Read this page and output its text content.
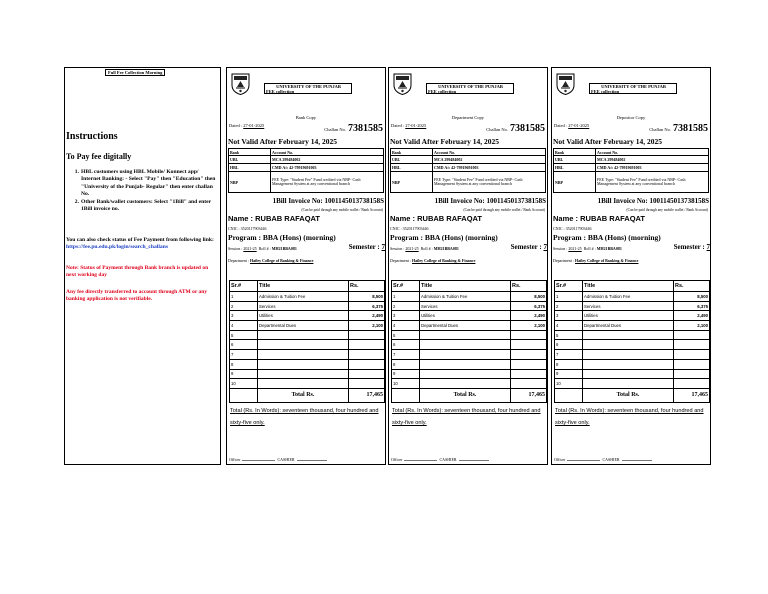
Full Fee Collection Morning
Instructions
To Pay fee digitally
1. HBL customers using HBL Mobile/ Konnect app/ Internet Banking: - Select "Pay" then "Education" then "University of the Punjab- Regular" then enter challan No.
2. Other Bank/wallet customers: Select "1Bill" and enter 1Bill invoice no.
You can also check status of Fee Payment from following link: https://fee.pu.edu.pk/login/search_challans
Note: Status of Payment through Bank branch is updated on next working day
Any fee directly transferred to account through ATM or any banking application is not verifiable.
UNIVERSITY OF THE PUNJAB
FEE collection
Bank Copy
Dated : 27-01-2025
Challan No. 7381585
Not Valid After February 14, 2025
Bank	Account No.
UBL	MCA 299484002
HBL	CMD A/c 42-79919691003
NBP	FEE Type: "Student Fee" Fund credited via NBP- Cash Management System at any conventional branch
1Bill Invoice No: 1001145013738158S
(Can be paid through any mobile wallet / Bank Account)
Name : RUBAB RAFAQAT
CNIC : 3520117903446
Program : BBA (Hons) (morning)
Session : 2021-25 Roll # : MH21BBA081	Semester : 7
Department : Hailey College of Banking & Finance
Sr.#	Title	Rs.
1	Admission & Tuition Fee	8,500
2	Services	6,375
3	Utilities	2,490
4	Departmental Dues	2,100
5		
6		
7		
8		
9		
10		
	Total Rs.	17,465
Total (Rs. In Words): seventeen thousand, four hundred and sixty-five only.
Officer	CASHIER
UNIVERSITY OF THE PUNJAB
FEE collection
Department Copy
Dated : 27-01-2025
Challan No. 7381585
Not Valid After February 14, 2025
Bank	Account No.
UBL	MCA 299484002
HBL	CMD A/c 42-79919691003
NBP	FEE Type: "Student Fee" Fund credited via NBP- Cash Management System at any conventional branch
1Bill Invoice No: 1001145013738158S
(Can be paid through any mobile wallet / Bank Account)
Name : RUBAB RAFAQAT
CNIC : 3520117903446
Program : BBA (Hons) (morning)
Session : 2021-25 Roll # : MH21BBA081	Semester : 7
Department : Hailey College of Banking & Finance
Sr.#	Title	Rs.
1	Admission & Tuition Fee	8,500
2	Services	6,375
3	Utilities	2,490
4	Departmental Dues	2,100
5		
6		
7		
8		
9		
10		
	Total Rs.	17,465
Total (Rs. In Words): seventeen thousand, four hundred and sixty-five only.
Officer	CASHIER
UNIVERSITY OF THE PUNJAB
FEE collection
Depositor Copy
Dated : 27-01-2025
Challan No. 7381585
Not Valid After February 14, 2025
Bank	Account No.
UBL	MCA 299484002
HBL	CMD A/c 42-79919691003
NBP	FEE Type: "Student Fee" Fund credited via NBP- Cash Management System at any conventional branch
1Bill Invoice No: 1001145013738158S
(Can be paid through any mobile wallet / Bank Account)
Name : RUBAB RAFAQAT
CNIC : 3520117903446
Program : BBA (Hons) (morning)
Session : 2021-25 Roll # : MH21BBA081	Semester : 7
Department : Hailey College of Banking & Finance
Sr.#	Title	Rs.
1	Admission & Tuition Fee	8,500
2	Services	6,375
3	Utilities	2,490
4	Departmental Dues	2,100
5		
6		
7		
8		
9		
10		
	Total Rs.	17,465
Total (Rs. In Words): seventeen thousand, four hundred and sixty-five only.
Officer	CASHIER
